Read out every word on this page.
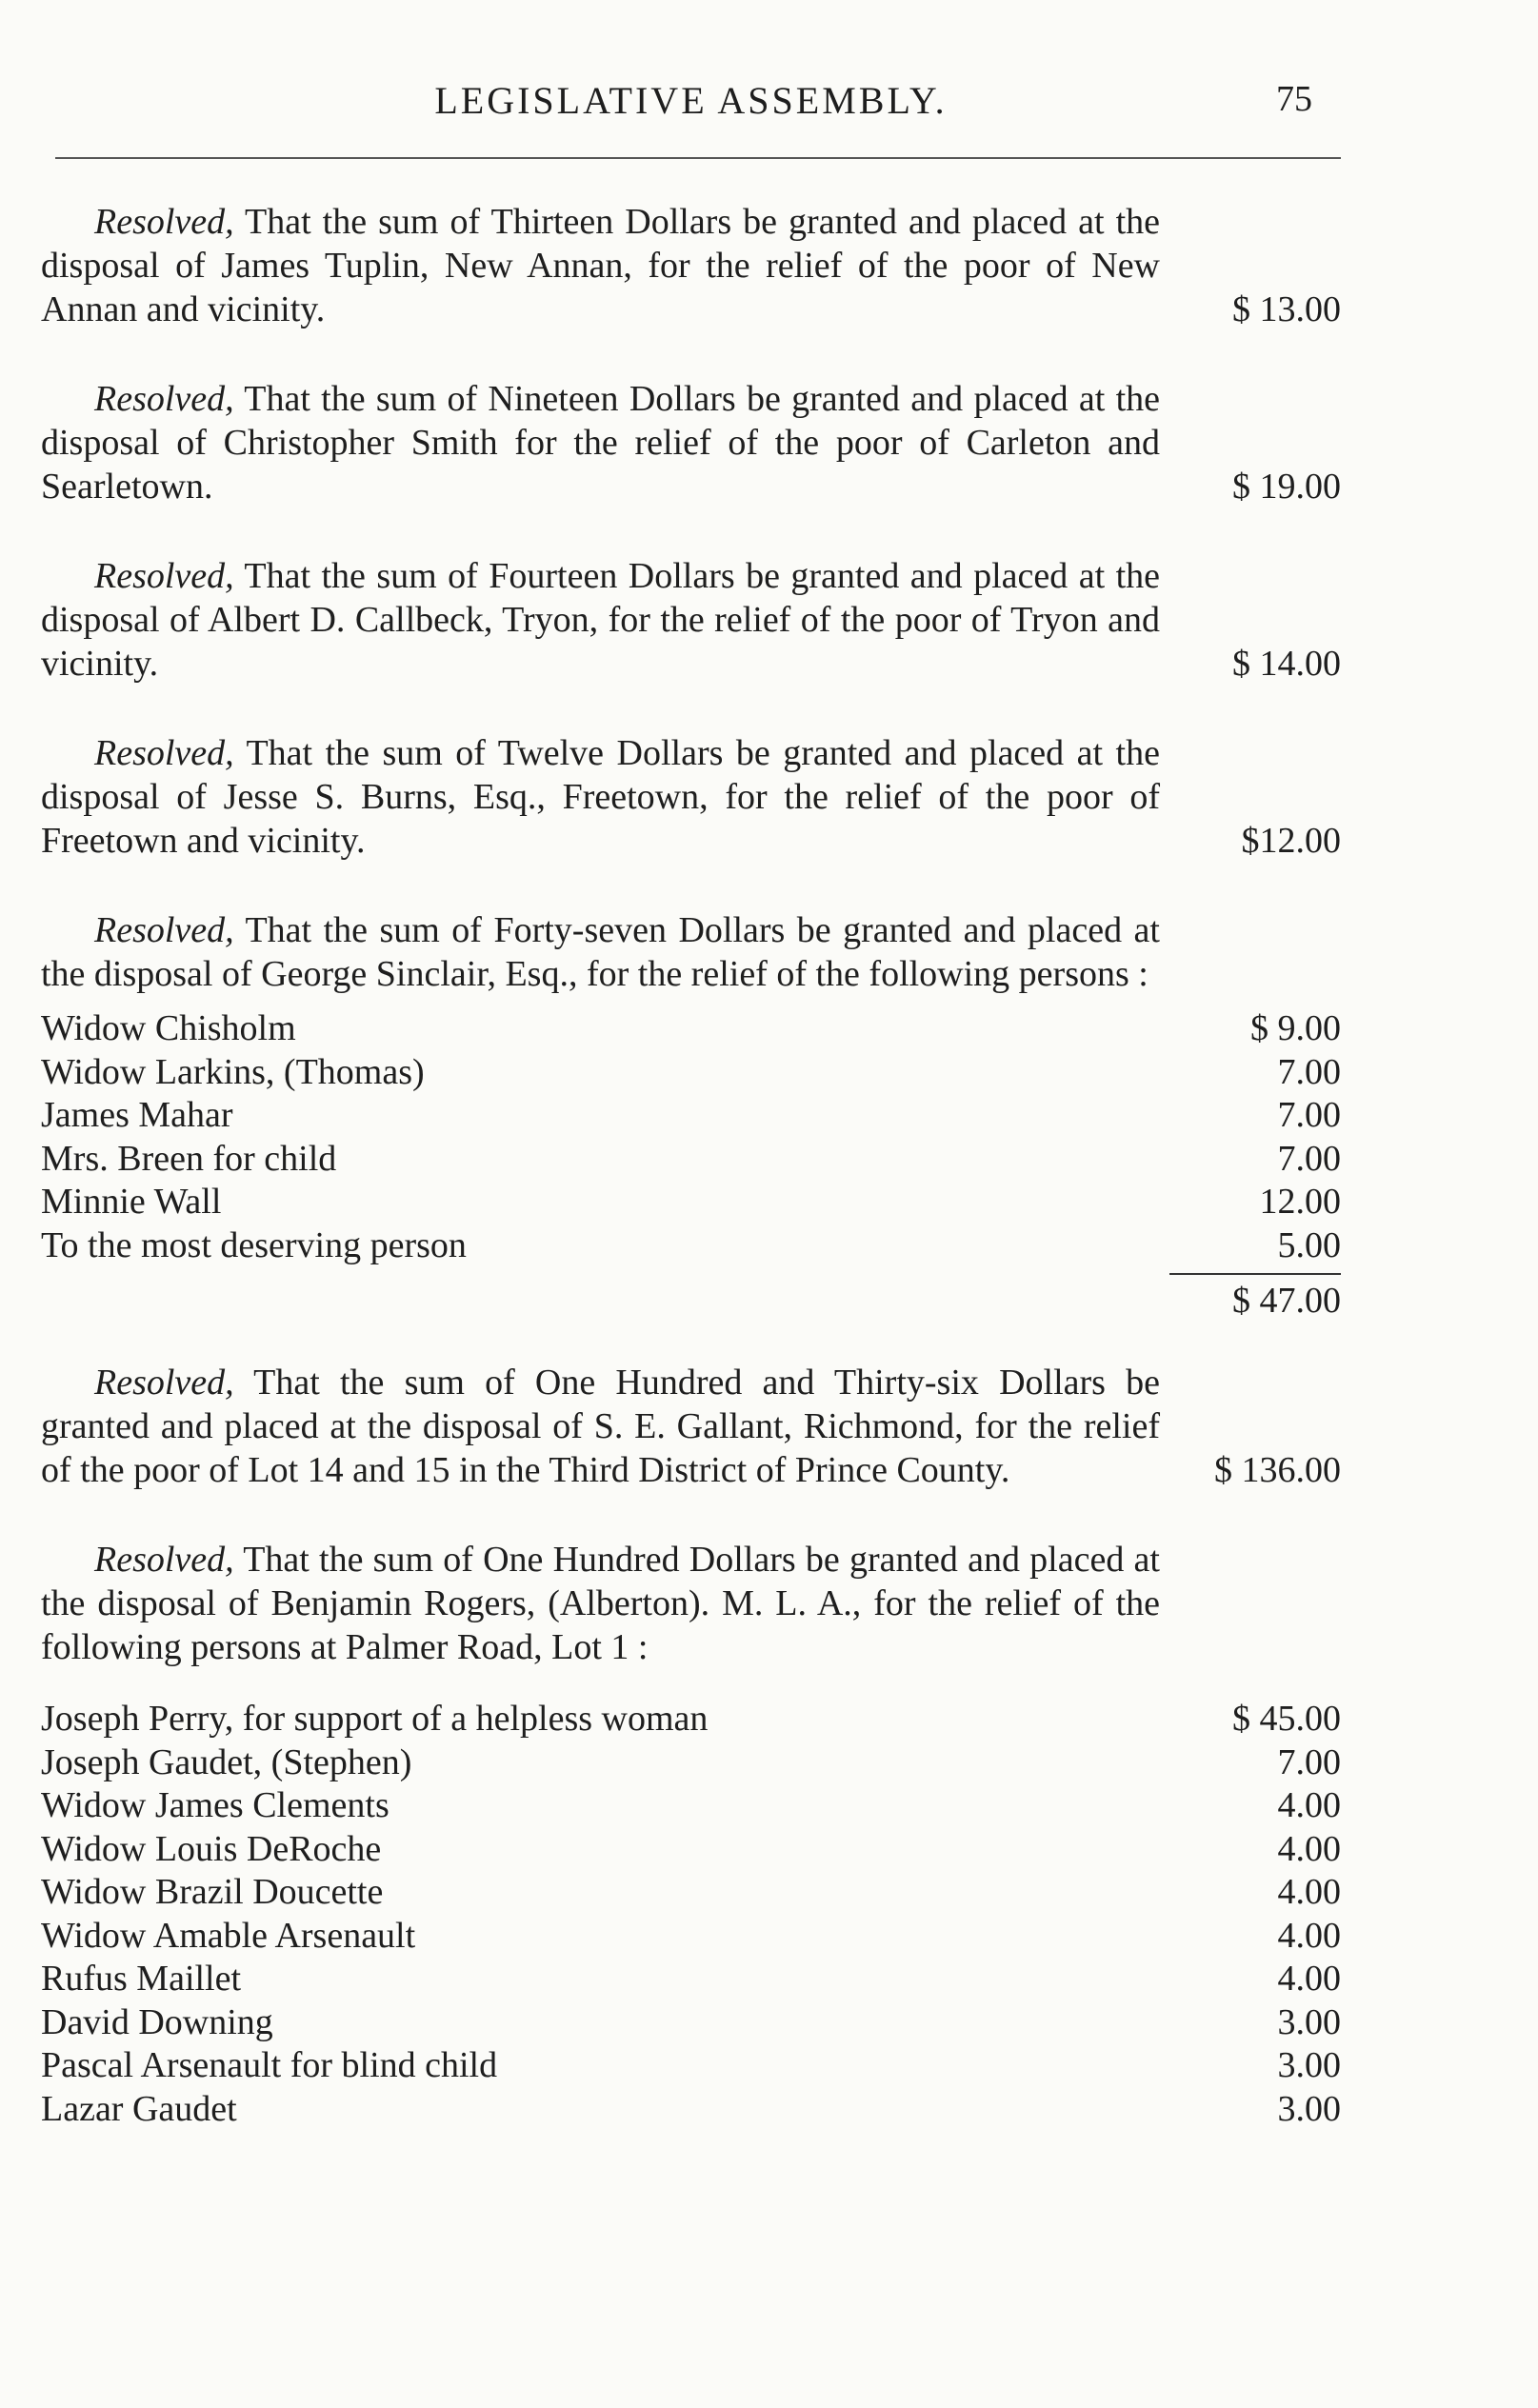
LEGISLATIVE ASSEMBLY.	75

Resolved, That the sum of Thirteen Dollars be granted and placed at the disposal of James Tuplin, New Annan, for the relief of the poor of New Annan and vicinity.	$ 13.00

Resolved, That the sum of Nineteen Dollars be granted and placed at the disposal of Christopher Smith for the relief of the poor of Carleton and Searletown.	$ 19.00

Resolved, That the sum of Fourteen Dollars be granted and placed at the disposal of Albert D. Callbeck, Tryon, for the relief of the poor of Tryon and vicinity.	$ 14.00

Resolved, That the sum of Twelve Dollars be granted and placed at the disposal of Jesse S. Burns, Esq., Freetown, for the relief of the poor of Freetown and vicinity.	$12.00

Resolved, That the sum of Forty-seven Dollars be granted and placed at the disposal of George Sinclair, Esq., for the relief of the following persons :

Widow Chisholm	$ 9.00
Widow Larkins, (Thomas)	7.00
James Mahar	7.00
Mrs. Breen for child	7.00
Minnie Wall	12.00
To the most deserving person	5.00
$ 47.00

Resolved, That the sum of One Hundred and Thirty-six Dollars be granted and placed at the disposal of S. E. Gallant, Richmond, for the relief of the poor of Lot 14 and 15 in the Third District of Prince County.	$ 136.00

Resolved, That the sum of One Hundred Dollars be granted and placed at the disposal of Benjamin Rogers, (Alberton). M. L. A., for the relief of the following persons at Palmer Road, Lot 1 :

Joseph Perry, for support of a helpless woman	$ 45.00
Joseph Gaudet, (Stephen)	7.00
Widow James Clements	4.00
Widow Louis DeRoche	4.00
Widow Brazil Doucette	4.00
Widow Amable Arsenault	4.00
Rufus Maillet	4.00
David Downing	3.00
Pascal Arsenault for blind child	3.00
Lazar Gaudet	3.00
